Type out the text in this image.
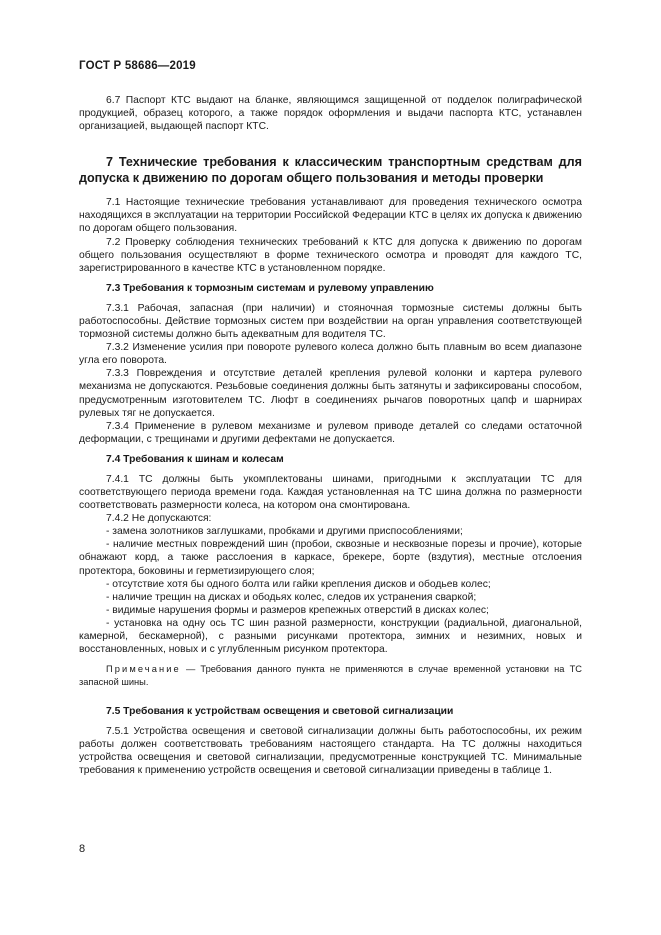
ГОСТ Р 58686—2019

6.7 Паспорт КТС выдают на бланке, являющимся защищенной от подделок полиграфической продукцией, образец которого, а также порядок оформления и выдачи паспорта КТС, устанавлен организацией, выдающей паспорт КТС.

7 Технические требования к классическим транспортным средствам для допуска к движению по дорогам общего пользования и методы проверки

7.1 Настоящие технические требования устанавливают для проведения технического осмотра находящихся в эксплуатации на территории Российской Федерации КТС в целях их допуска к движению по дорогам общего пользования.

7.2 Проверку соблюдения технических требований к КТС для допуска к движению по дорогам общего пользования осуществляют в форме технического осмотра и проводят для каждого ТС, зарегистрированного в качестве КТС в установленном порядке.

7.3 Требования к тормозным системам и рулевому управлению

7.3.1 Рабочая, запасная (при наличии) и стояночная тормозные системы должны быть работоспособны. Действие тормозных систем при воздействии на орган управления соответствующей тормозной системы должно быть адекватным для водителя ТС.

7.3.2 Изменение усилия при повороте рулевого колеса должно быть плавным во всем диапазоне угла его поворота.

7.3.3 Повреждения и отсутствие деталей крепления рулевой колонки и картера рулевого механизма не допускаются. Резьбовые соединения должны быть затянуты и зафиксированы способом, предусмотренным изготовителем ТС. Люфт в соединениях рычагов поворотных цапф и шарнирах рулевых тяг не допускается.

7.3.4 Применение в рулевом механизме и рулевом приводе деталей со следами остаточной деформации, с трещинами и другими дефектами не допускается.

7.4 Требования к шинам и колесам

7.4.1 ТС должны быть укомплектованы шинами, пригодными к эксплуатации ТС для соответствующего периода времени года. Каждая установленная на ТС шина должна по размерности соответствовать размерности колеса, на котором она смонтирована.

7.4.2 Не допускаются:

- замена золотников заглушками, пробками и другими приспособлениями;

- наличие местных повреждений шин (пробои, сквозные и несквозные порезы и прочие), которые обнажают корд, а также расслоения в каркасе, брекере, борте (вздутия), местные отслоения протектора, боковины и герметизирующего слоя;

- отсутствие хотя бы одного болта или гайки крепления дисков и ободьев колес;

- наличие трещин на дисках и ободьях колес, следов их устранения сваркой;

- видимые нарушения формы и размеров крепежных отверстий в дисках колес;

- установка на одну ось ТС шин разной размерности, конструкции (радиальной, диагональной, камерной, бескамерной), с разными рисунками протектора, зимних и незимних, новых и восстановленных, новых и с углубленным рисунком протектора.

Примечание — Требования данного пункта не применяются в случае временной установки на ТС запасной шины.

7.5 Требования к устройствам освещения и световой сигнализации

7.5.1 Устройства освещения и световой сигнализации должны быть работоспособны, их режим работы должен соответствовать требованиям настоящего стандарта. На ТС должны находиться устройства освещения и световой сигнализации, предусмотренные конструкцией ТС. Минимальные требования к применению устройств освещения и световой сигнализации приведены в таблице 1.

8
